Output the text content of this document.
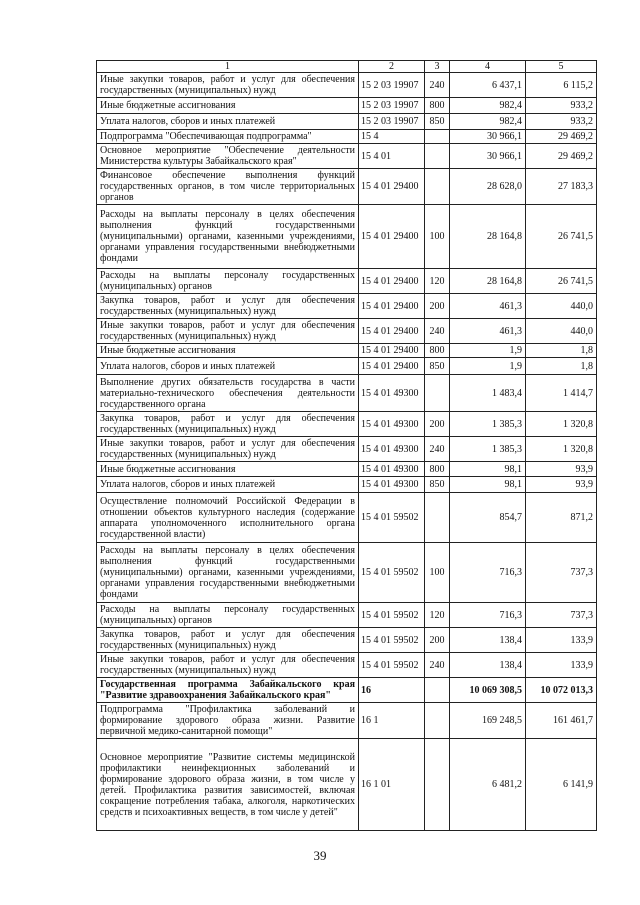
1	2	3	4	5
Иные закупки товаров, работ и услуг для обеспечения государственных (муниципальных) нужд	15 2 03 19907	240	6 437,1	6 115,2
Иные бюджетные ассигнования	15 2 03 19907	800	982,4	933,2
Уплата налогов, сборов и иных платежей	15 2 03 19907	850	982,4	933,2
Подпрограмма "Обеспечивающая подпрограмма"	15 4		30 966,1	29 469,2
Основное мероприятие "Обеспечение деятельности Министерства культуры Забайкальского края"	15 4 01		30 966,1	29 469,2
Финансовое обеспечение выполнения функций государственных органов, в том числе территориальных органов	15 4 01 29400		28 628,0	27 183,3
Расходы на выплаты персоналу в целях обеспечения выполнения функций государственными (муниципальными) органами, казенными учреждениями, органами управления государственными внебюджетными фондами	15 4 01 29400	100	28 164,8	26 741,5
Расходы на выплаты персоналу государственных (муниципальных) органов	15 4 01 29400	120	28 164,8	26 741,5
Закупка товаров, работ и услуг для обеспечения государственных (муниципальных) нужд	15 4 01 29400	200	461,3	440,0
Иные закупки товаров, работ и услуг для обеспечения государственных (муниципальных) нужд	15 4 01 29400	240	461,3	440,0
Иные бюджетные ассигнования	15 4 01 29400	800	1,9	1,8
Уплата налогов, сборов и иных платежей	15 4 01 29400	850	1,9	1,8
Выполнение других обязательств государства в части материально-технического обеспечения деятельности государственного органа	15 4 01 49300		1 483,4	1 414,7
Закупка товаров, работ и услуг для обеспечения государственных (муниципальных) нужд	15 4 01 49300	200	1 385,3	1 320,8
Иные закупки товаров, работ и услуг для обеспечения государственных (муниципальных) нужд	15 4 01 49300	240	1 385,3	1 320,8
Иные бюджетные ассигнования	15 4 01 49300	800	98,1	93,9
Уплата налогов, сборов и иных платежей	15 4 01 49300	850	98,1	93,9
Осуществление полномочий Российской Федерации в отношении объектов культурного наследия (содержание аппарата уполномоченного исполнительного органа государственной власти)	15 4 01 59502		854,7	871,2
Расходы на выплаты персоналу в целях обеспечения выполнения функций государственными (муниципальными) органами, казенными учреждениями, органами управления государственными внебюджетными фондами	15 4 01 59502	100	716,3	737,3
Расходы на выплаты персоналу государственных (муниципальных) органов	15 4 01 59502	120	716,3	737,3
Закупка товаров, работ и услуг для обеспечения государственных (муниципальных) нужд	15 4 01 59502	200	138,4	133,9
Иные закупки товаров, работ и услуг для обеспечения государственных (муниципальных) нужд	15 4 01 59502	240	138,4	133,9
Государственная программа Забайкальского края "Развитие здравоохранения Забайкальского края"	16		10 069 308,5	10 072 013,3
Подпрограмма "Профилактика заболеваний и формирование здорового образа жизни. Развитие первичной медико-санитарной помощи"	16 1		169 248,5	161 461,7
Основное мероприятие "Развитие системы медицинской профилактики неинфекционных заболеваний и формирование здорового образа жизни, в том числе у детей. Профилактика развития зависимостей, включая сокращение потребления табака, алкоголя, наркотических средств и психоактивных веществ, в том числе у детей"	16 1 01		6 481,2	6 141,9
39
